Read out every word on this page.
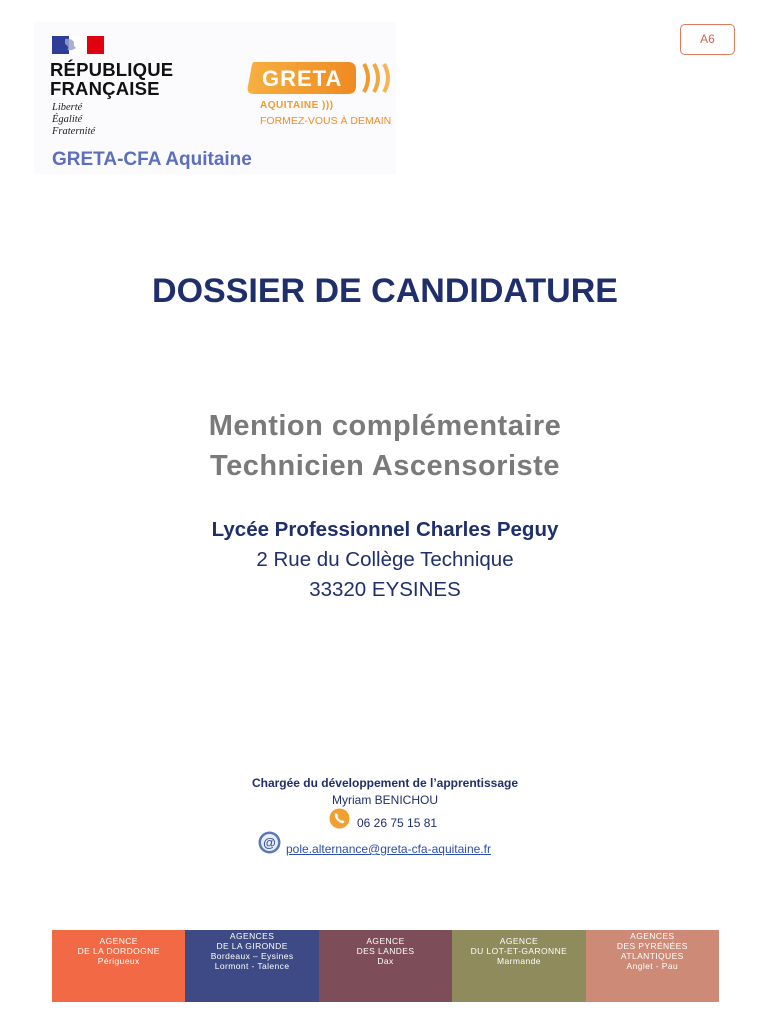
RÉPUBLIQUE
FRANÇAISE
Liberté
Égalité
Fraternité
GRETA-CFA Aquitaine
GRETA
AQUITAINE )))
FORMEZ-VOUS À DEMAIN
A6
DOSSIER DE CANDIDATURE
Mention complémentaire
Technicien Ascensoriste
Lycée Professionnel Charles Peguy
2 Rue du Collège Technique
33320 EYSINES
Chargée du développement de l’apprentissage
Myriam BENICHOU
06 26 75 15 81
@ pole.alternance@greta-cfa-aquitaine.fr
AGENCE
DE LA DORDOGNE
Périgueux
AGENCES
DE LA GIRONDE
Bordeaux – Eysines
Lormont - Talence
AGENCE
DES LANDES
Dax
AGENCE
DU LOT-ET-GARONNE
Marmande
AGENCES
DES PYRÉNÉES
ATLANTIQUES
Anglet - Pau
